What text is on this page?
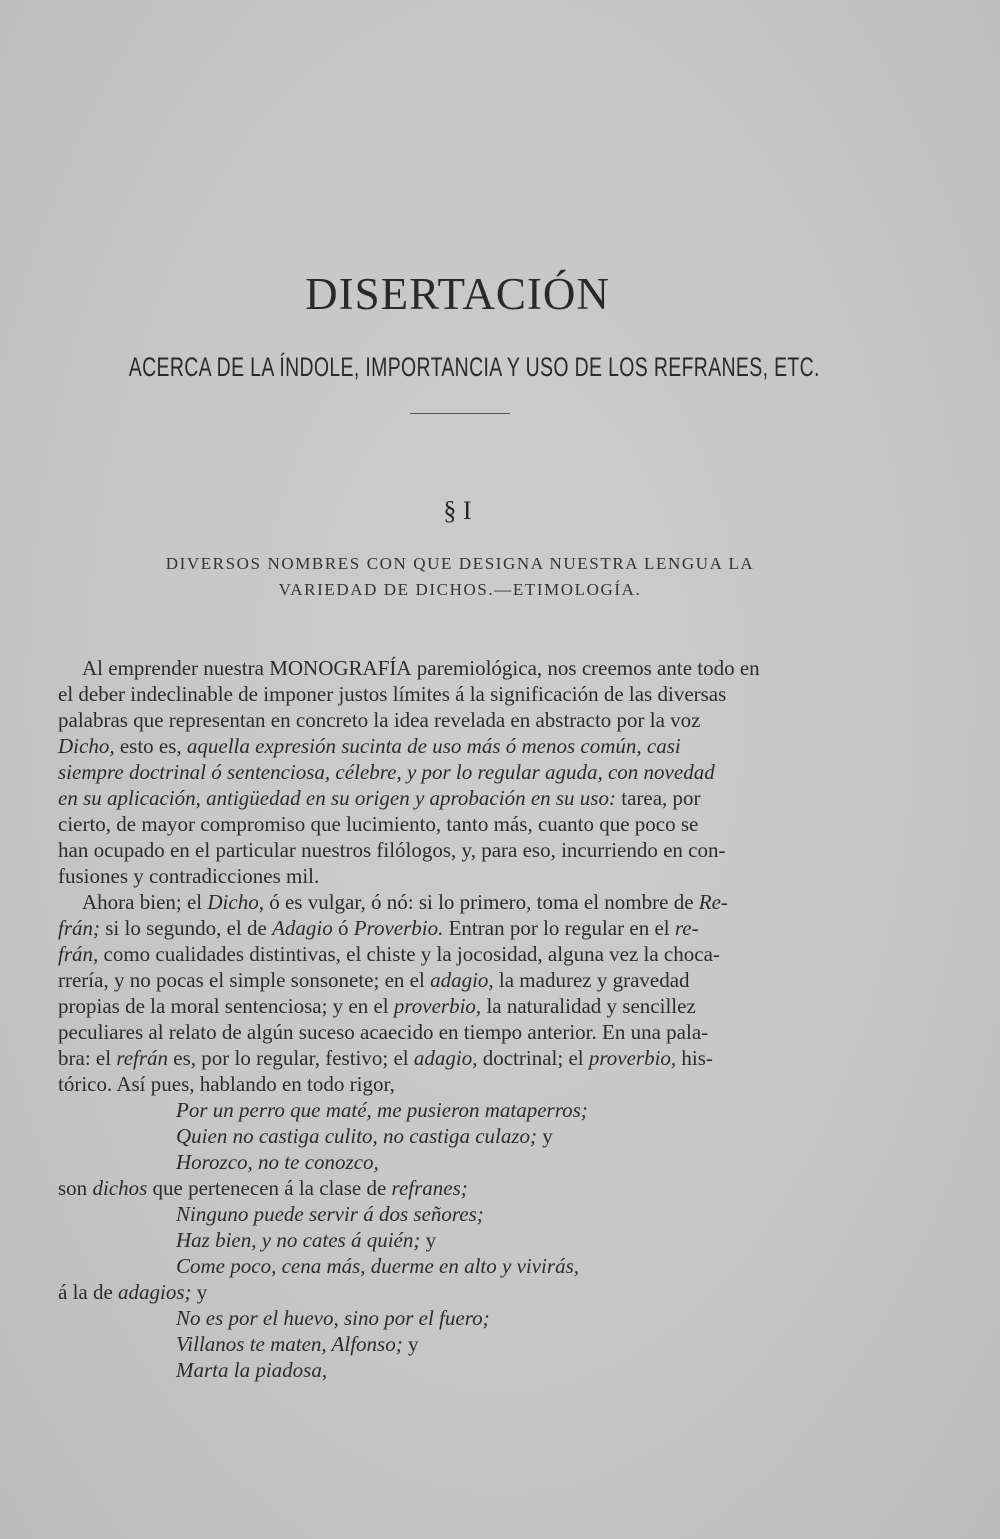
DISERTACIÓN
ACERCA DE LA ÍNDOLE, IMPORTANCIA Y USO DE LOS REFRANES, ETC.
§ I
DIVERSOS NOMBRES CON QUE DESIGNA NUESTRA LENGUA LA
VARIEDAD DE DICHOS.—ETIMOLOGÍA.
Al emprender nuestra MONOGRAFÍA paremiológica, nos creemos ante todo en
el deber indeclinable de imponer justos límites á la significación de las diversas
palabras que representan en concreto la idea revelada en abstracto por la voz
Dicho, esto es, aquella expresión sucinta de uso más ó menos común, casi
siempre doctrinal ó sentenciosa, célebre, y por lo regular aguda, con novedad
en su aplicación, antigüedad en su origen y aprobación en su uso: tarea, por
cierto, de mayor compromiso que lucimiento, tanto más, cuanto que poco se
han ocupado en el particular nuestros filólogos, y, para eso, incurriendo en con-
fusiones y contradicciones mil.
Ahora bien; el Dicho, ó es vulgar, ó nó: si lo primero, toma el nombre de Re-
frán; si lo segundo, el de Adagio ó Proverbio. Entran por lo regular en el re-
frán, como cualidades distintivas, el chiste y la jocosidad, alguna vez la choca-
rrería, y no pocas el simple sonsonete; en el adagio, la madurez y gravedad
propias de la moral sentenciosa; y en el proverbio, la naturalidad y sencillez
peculiares al relato de algún suceso acaecido en tiempo anterior. En una pala-
bra: el refrán es, por lo regular, festivo; el adagio, doctrinal; el proverbio, his-
tórico. Así pues, hablando en todo rigor,
Por un perro que maté, me pusieron mataperros;
Quien no castiga culito, no castiga culazo; y
Horozco, no te conozco,
son dichos que pertenecen á la clase de refranes;
Ninguno puede servir á dos señores;
Haz bien, y no cates á quién; y
Come poco, cena más, duerme en alto y vivirás,
á la de adagios; y
No es por el huevo, sino por el fuero;
Villanos te maten, Alfonso; y
Marta la piadosa,
